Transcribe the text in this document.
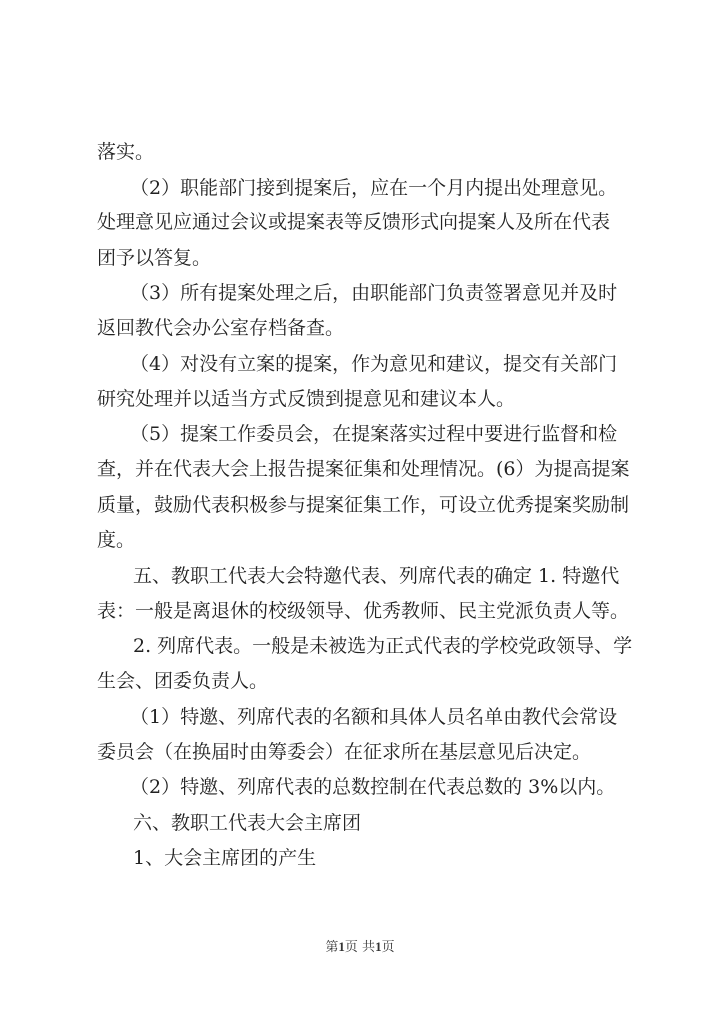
落实。
（2）职能部门接到提案后，应在一个月内提出处理意见。
处理意见应通过会议或提案表等反馈形式向提案人及所在代表
团予以答复。
（3）所有提案处理之后，由职能部门负责签署意见并及时
返回教代会办公室存档备查。
（4）对没有立案的提案，作为意见和建议，提交有关部门
研究处理并以适当方式反馈到提意见和建议本人。
（5）提案工作委员会，在提案落实过程中要进行监督和检
查，并在代表大会上报告提案征集和处理情况。(6）为提高提案
质量，鼓励代表积极参与提案征集工作，可设立优秀提案奖励制
度。
五、教职工代表大会特邀代表、列席代表的确定 1. 特邀代
表：一般是离退休的校级领导、优秀教师、民主党派负责人等。
2. 列席代表。一般是未被选为正式代表的学校党政领导、学
生会、团委负责人。
（1）特邀、列席代表的名额和具体人员名单由教代会常设
委员会（在换届时由筹委会）在征求所在基层意见后决定。
（2）特邀、列席代表的总数控制在代表总数的 3%以内。
六、教职工代表大会主席团
1、大会主席团的产生
第1页 共1页
